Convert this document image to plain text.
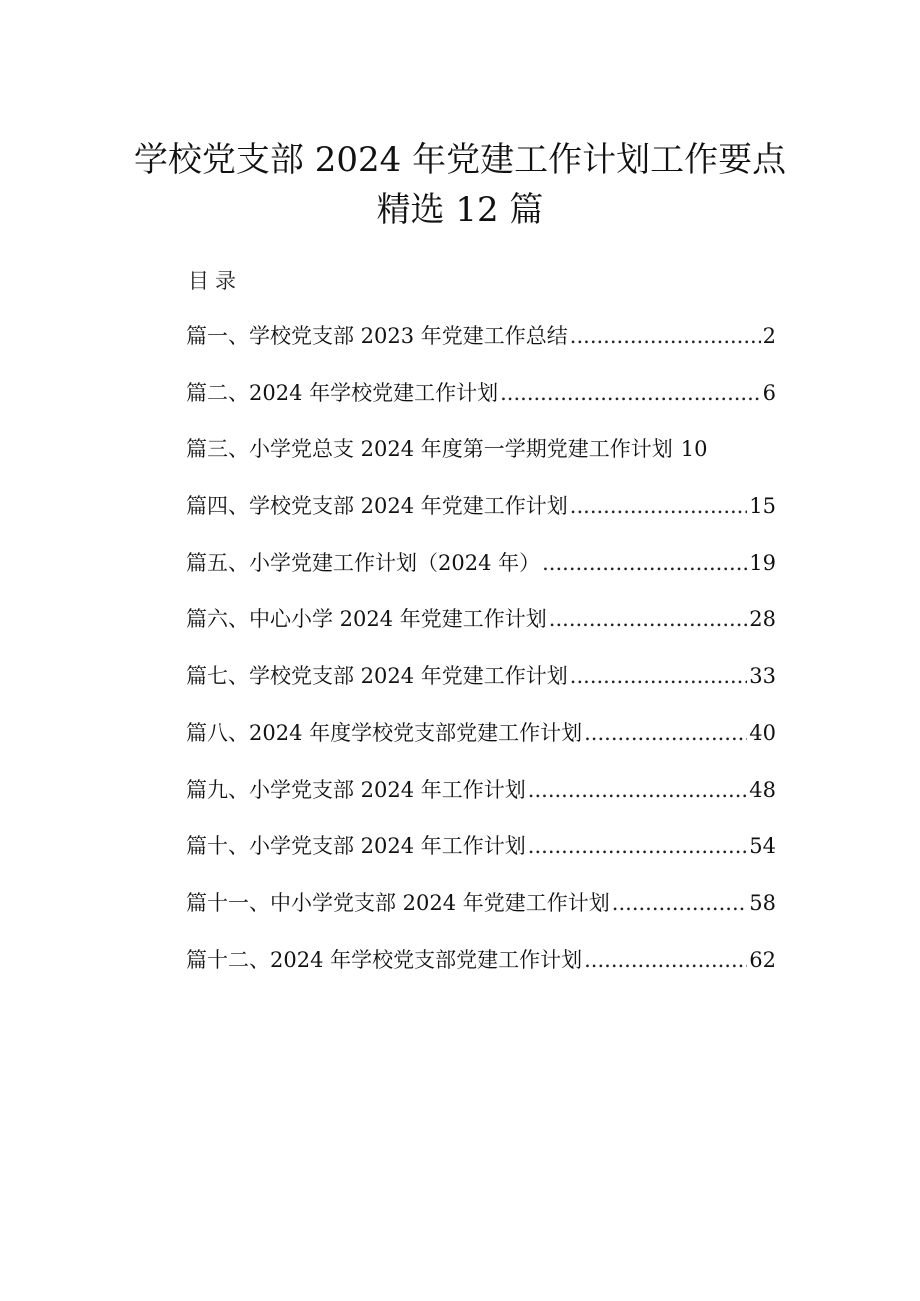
学校党支部 2024 年党建工作计划工作要点
精选 12 篇
目录
篇一、学校党支部 2023 年党建工作总结 .....	2
篇二、2024 年学校党建工作计划 .....	6
篇三、小学党总支 2024 年度第一学期党建工作计划 10
篇四、学校党支部 2024 年党建工作计划 .....	15
篇五、小学党建工作计划（2024 年） .....	19
篇六、中心小学 2024 年党建工作计划 .....	28
篇七、学校党支部 2024 年党建工作计划 .....	33
篇八、2024 年度学校党支部党建工作计划 .....	40
篇九、小学党支部 2024 年工作计划 .....	48
篇十、小学党支部 2024 年工作计划 .....	54
篇十一、中小学党支部 2024 年党建工作计划 .....	58
篇十二、2024 年学校党支部党建工作计划 .....	62
